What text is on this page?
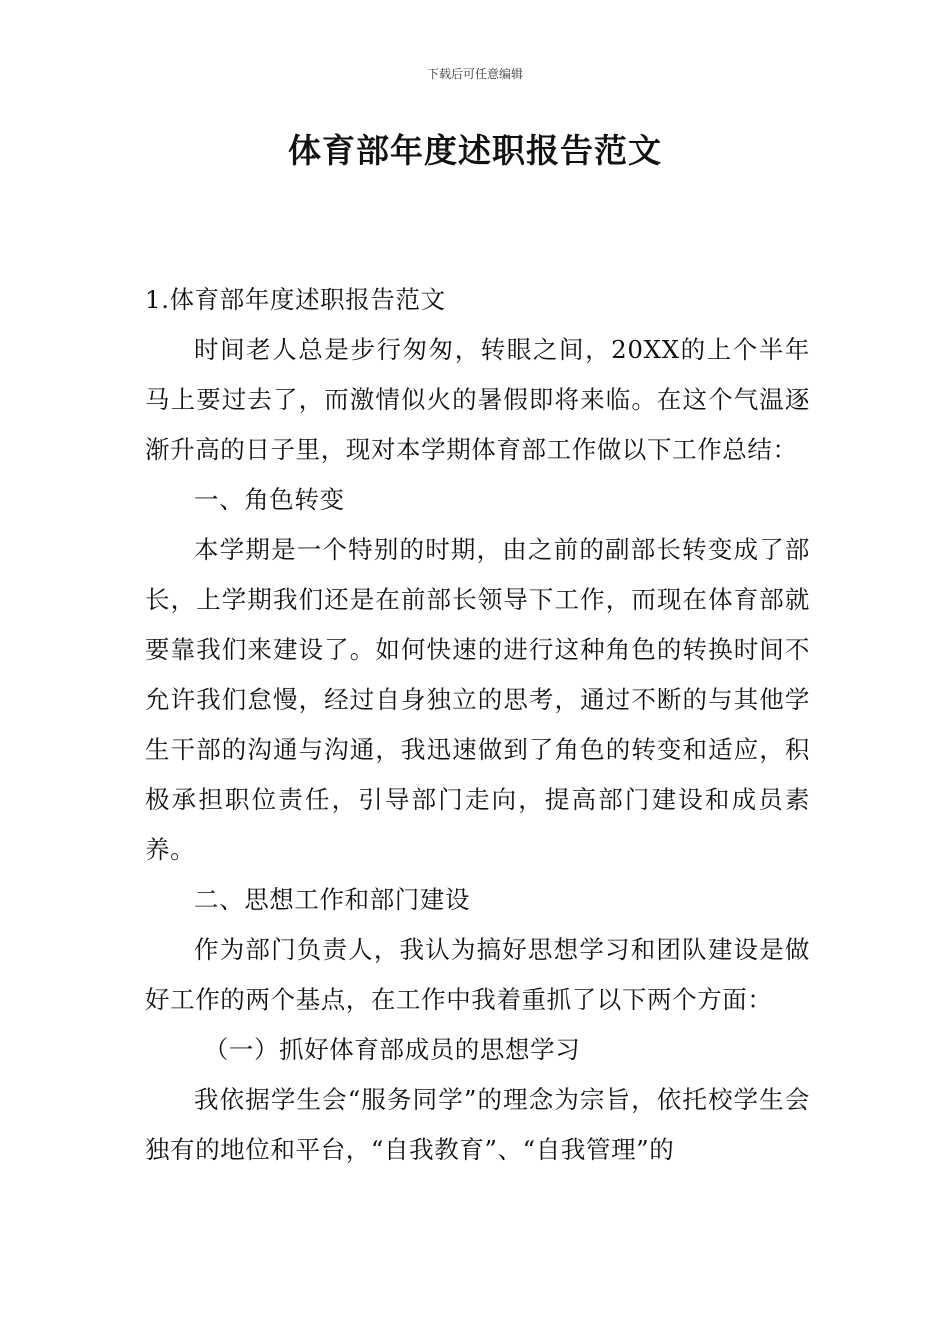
下载后可任意编辑
体育部年度述职报告范文

1.体育部年度述职报告范文

时间老人总是步行匆匆，转眼之间，20XX的上个半年马上要过去了，而激情似火的暑假即将来临。在这个气温逐渐升高的日子里，现对本学期体育部工作做以下工作总结：

一、角色转变

本学期是一个特别的时期，由之前的副部长转变成了部长，上学期我们还是在前部长领导下工作，而现在体育部就要靠我们来建设了。如何快速的进行这种角色的转换时间不允许我们怠慢，经过自身独立的思考，通过不断的与其他学生干部的沟通与沟通，我迅速做到了角色的转变和适应，积极承担职位责任，引导部门走向，提高部门建设和成员素养。

二、思想工作和部门建设

作为部门负责人，我认为搞好思想学习和团队建设是做好工作的两个基点，在工作中我着重抓了以下两个方面：

（一）抓好体育部成员的思想学习

我依据学生会“服务同学”的理念为宗旨，依托校学生会独有的地位和平台，“自我教育”、“自我管理”的
